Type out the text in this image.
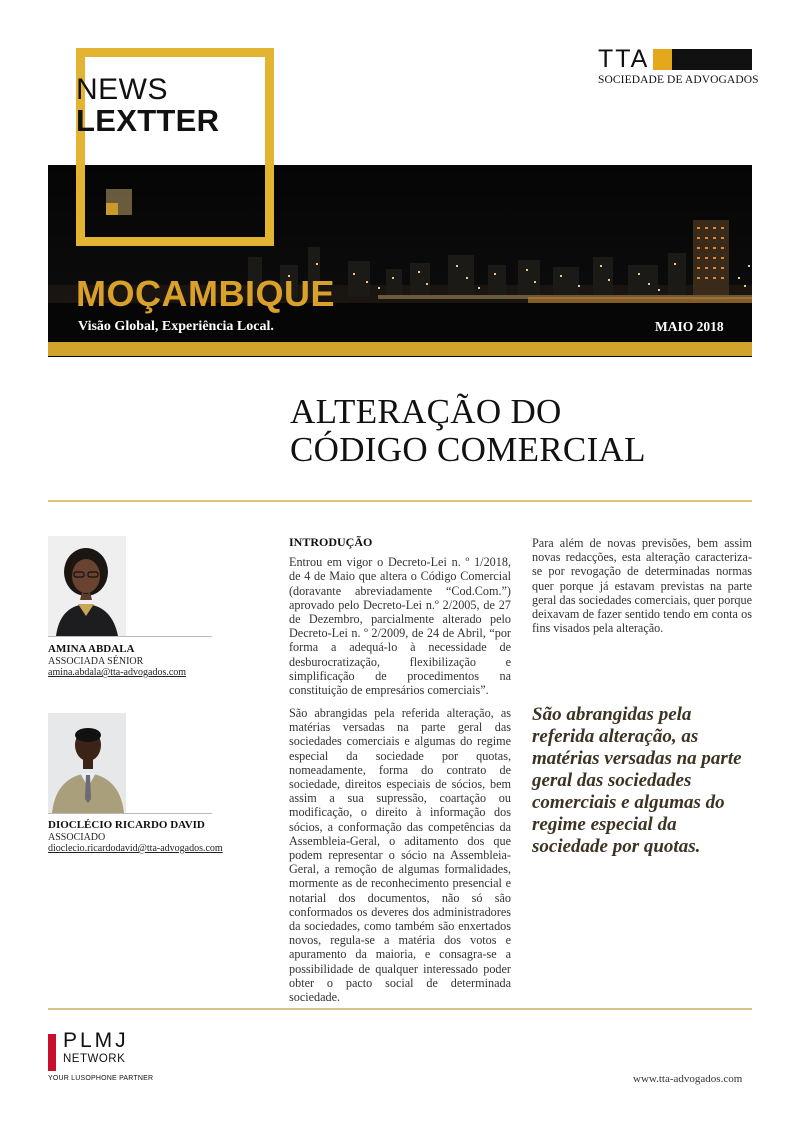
TTA
SOCIEDADE DE ADVOGADOS
NEWS
LEXTTER
MOÇAMBIQUE
Visão Global, Experiência Local.	MAIO 2018
ALTERAÇÃO DO
CÓDIGO COMERCIAL
AMINA ABDALA
ASSOCIADA SÉNIOR
amina.abdala@tta-advogados.com
DIOCLÉCIO RICARDO DAVID
ASSOCIADO
dioclecio.ricardodavid@tta-advogados.com
INTRODUÇÃO
Entrou em vigor o Decreto-Lei n. º 1/2018, de 4 de Maio que altera o Código Comercial (doravante abreviadamente “Cod.Com.”) aprovado pelo Decreto-Lei n.º 2/2005, de 27 de Dezembro, parcialmente alterado pelo Decreto-Lei n. º 2/2009, de 24 de Abril, “por forma a adequá-lo à necessidade de desburocratização, flexibilização e simplificação de procedimentos na constituição de empresários comerciais”.
São abrangidas pela referida alteração, as matérias versadas na parte geral das sociedades comerciais e algumas do regime especial da sociedade por quotas, nomeadamente, forma do contrato de sociedade, direitos especiais de sócios, bem assim a sua supressão, coartação ou modificação, o direito à informação dos sócios, a conformação das competências da Assembleia-Geral, o aditamento dos que podem representar o sócio na Assembleia-Geral, a remoção de algumas formalidades, mormente as de reconhecimento presencial e notarial dos documentos, não só são conformados os deveres dos administradores da sociedades, como também são enxertados novos, regula-se a matéria dos votos e apuramento da maioria, e consagra-se a possibilidade de qualquer interessado poder obter o pacto social de determinada sociedade.
Para além de novas previsões, bem assim novas redacções, esta alteração caracteriza-se por revogação de determinadas normas quer porque já estavam previstas na parte geral das sociedades comerciais, quer porque deixavam de fazer sentido tendo em conta os fins visados pela alteração.
São abrangidas pela referida alteração, as matérias versadas na parte geral das sociedades comerciais e algumas do regime especial da sociedade por quotas.
PLMJ
NETWORK
YOUR LUSOPHONE PARTNER	www.tta-advogados.com
